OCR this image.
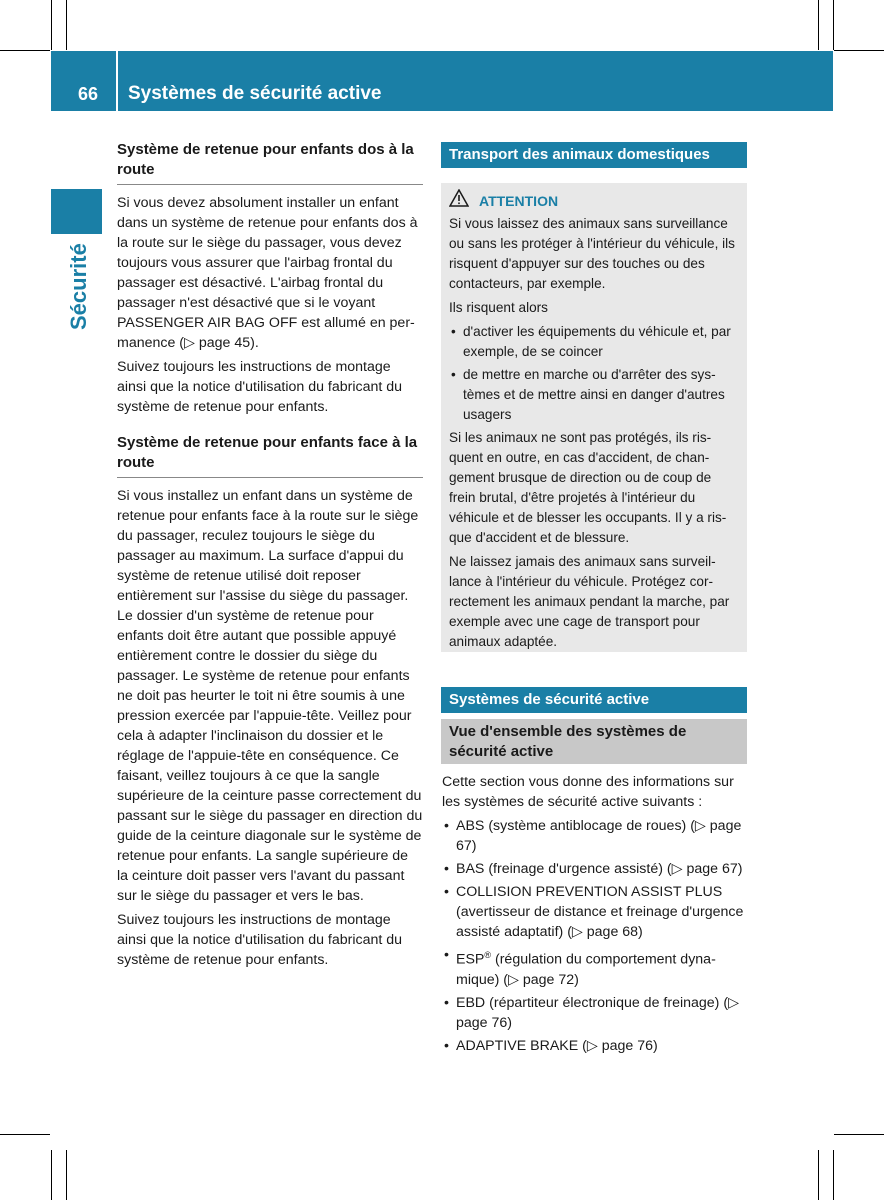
66 Systèmes de sécurité active
Sécurité
Système de retenue pour enfants dos à la route

Si vous devez absolument installer un enfant dans un système de retenue pour enfants dos à la route sur le siège du passager, vous devez toujours vous assurer que l'airbag frontal du passager est désactivé. L'airbag frontal du passager n'est désactivé que si le voyant PASSENGER AIR BAG OFF est allumé en permanence (▷ page 45).

Suivez toujours les instructions de montage ainsi que la notice d'utilisation du fabricant du système de retenue pour enfants.

Système de retenue pour enfants face à la route

Si vous installez un enfant dans un système de retenue pour enfants face à la route sur le siège du passager, reculez toujours le siège du passager au maximum. La surface d'appui du système de retenue utilisé doit reposer entièrement sur l'assise du siège du passager. Le dossier d'un système de retenue pour enfants doit être autant que possible appuyé entièrement contre le dossier du siège du passager. Le système de retenue pour enfants ne doit pas heurter le toit ni être soumis à une pression exercée par l'appuie-tête. Veillez pour cela à adapter l'inclinaison du dossier et le réglage de l'appuie-tête en conséquence. Ce faisant, veillez toujours à ce que la sangle supérieure de la ceinture passe correctement du passant sur le siège du passager en direction du guide de la ceinture diagonale sur le système de retenue pour enfants. La sangle supérieure de la ceinture doit passer vers l'avant du passant sur le siège du passager et vers le bas.

Suivez toujours les instructions de montage ainsi que la notice d'utilisation du fabricant du système de retenue pour enfants.

Transport des animaux domestiques
ATTENTION

Si vous laissez des animaux sans surveillance ou sans les protéger à l'intérieur du véhicule, ils risquent d'appuyer sur des touches ou des contacteurs, par exemple.

Ils risquent alors

• d'activer les équipements du véhicule et, par exemple, de se coincer
• de mettre en marche ou d'arrêter des systèmes et de mettre ainsi en danger d'autres usagers

Si les animaux ne sont pas protégés, ils risquent en outre, en cas d'accident, de changement brusque de direction ou de coup de frein brutal, d'être projetés à l'intérieur du véhicule et de blesser les occupants. Il y a risque d'accident et de blessure.

Ne laissez jamais des animaux sans surveillance à l'intérieur du véhicule. Protégez correctement les animaux pendant la marche, par exemple avec une cage de transport pour animaux adaptée.

Systèmes de sécurité active
Vue d'ensemble des systèmes de sécurité active

Cette section vous donne des informations sur les systèmes de sécurité active suivants :

• ABS (système antiblocage de roues) (▷ page 67)
• BAS (freinage d'urgence assisté) (▷ page 67)
• COLLISION PREVENTION ASSIST PLUS (avertisseur de distance et freinage d'urgence assisté adaptatif) (▷ page 68)
• ESP® (régulation du comportement dynamique) (▷ page 72)
• EBD (répartiteur électronique de freinage) (▷ page 76)
• ADAPTIVE BRAKE (▷ page 76)
